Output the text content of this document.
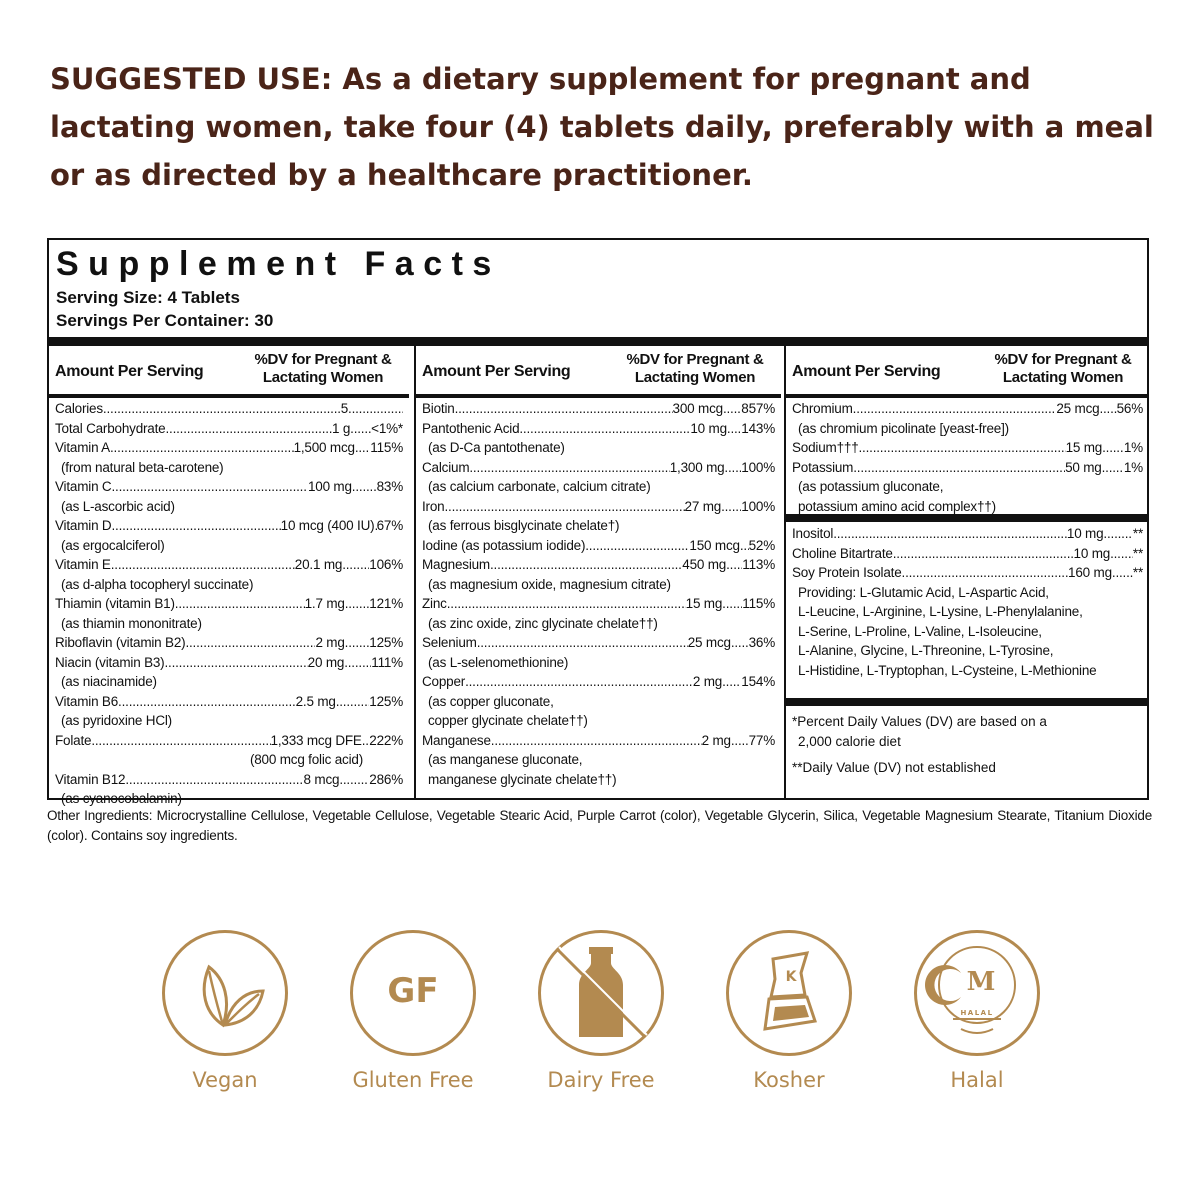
SUGGESTED USE: As a dietary supplement for pregnant and lactating women, take four (4) tablets daily, preferably with a meal or as directed by a healthcare practitioner.

Supplement Facts
Serving Size: 4 Tablets
Servings Per Container: 30
Amount Per Serving
%DV for Pregnant & Lactating Women
Calories .....	5
.....
Total Carbohydrate .....	1 g ..... <1%*
Vitamin A .....	1,500 mcg ..... 115%
(from natural beta-carotene)
Vitamin C .....	100 mg ..... 83%
(as L-ascorbic acid)
Vitamin D .....	10 mcg (400 IU) ..... 67%
(as ergocalciferol)
Vitamin E .....	20.1 mg ..... 106%
(as d-alpha tocopheryl succinate)
Thiamin (vitamin B1) .....	1.7 mg ..... 121%
(as thiamin mononitrate)
Riboflavin (vitamin B2) .....	2 mg ..... 125%
Niacin (vitamin B3) .....	20 mg ..... 111%
(as niacinamide)
Vitamin B6 .....	2.5 mg ..... 125%
(as pyridoxine HCl)
Folate .....	1,333 mcg DFE ..... 222%
(800 mcg folic acid)
Vitamin B12 .....	8 mcg ..... 286%
(as cyanocobalamin)
Amount Per Serving
%DV for Pregnant & Lactating Women
Biotin .....	300 mcg ..... 857%
Pantothenic Acid .....	10 mg ..... 143%
(as D-Ca pantothenate)
Calcium .....	1,300 mg ..... 100%
(as calcium carbonate, calcium citrate)
Iron .....	27 mg ..... 100%
(as ferrous bisglycinate chelate†)
Iodine (as potassium iodide) .....	150 mcg ..... 52%
Magnesium .....	450 mg ..... 113%
(as magnesium oxide, magnesium citrate)
Zinc .....	15 mg ..... 115%
(as zinc oxide, zinc glycinate chelate††)
Selenium .....	25 mcg ..... 36%
(as L-selenomethionine)
Copper .....	2 mg ..... 154%
(as copper gluconate,
copper glycinate chelate††)
Manganese .....	2 mg ..... 77%
(as manganese gluconate,
manganese glycinate chelate††)
Amount Per Serving
%DV for Pregnant & Lactating Women
Chromium .....	25 mcg ..... 56%
(as chromium picolinate [yeast-free])
Sodium††† .....	15 mg ..... 1%
Potassium .....	50 mg ..... 1%
(as potassium gluconate,
potassium amino acid complex††)
Inositol .....	10 mg ..... **
Choline Bitartrate .....	10 mg ..... **
Soy Protein Isolate .....	160 mg ..... **
Providing: L-Glutamic Acid, L-Aspartic Acid,
L-Leucine, L-Arginine, L-Lysine, L-Phenylalanine,
L-Serine, L-Proline, L-Valine, L-Isoleucine,
L-Alanine, Glycine, L-Threonine, L-Tyrosine,
L-Histidine, L-Tryptophan, L-Cysteine, L-Methionine
*Percent Daily Values (DV) are based on a
2,000 calorie diet
**Daily Value (DV) not established

Other Ingredients: Microcrystalline Cellulose, Vegetable Cellulose, Vegetable Stearic Acid, Purple Carrot (color), Vegetable Glycerin, Silica, Vegetable Magnesium Stearate, Titanium Dioxide (color). Contains soy ingredients.

Vegan
GF
Gluten Free	Dairy Free
K
Kosher
M
HALAL
Halal
